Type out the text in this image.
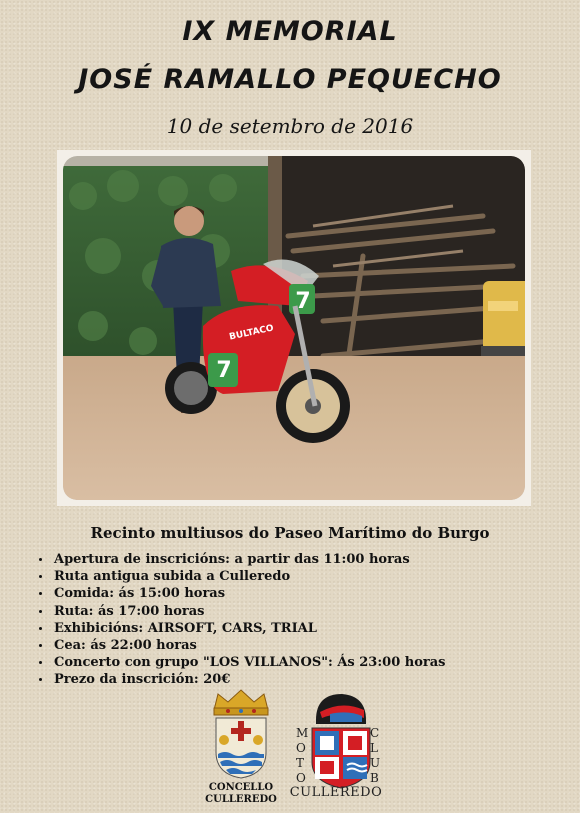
IX MEMORIAL
JOSÉ RAMALLO PEQUECHO
10 de setembro de 2016
7
7
BULTACO
Recinto multiusos do Paseo Marítimo do Burgo
Apertura de inscricións: a partir das 11:00 horas
Ruta antigua subida a Culleredo
Comida: ás 15:00 horas
Ruta: ás 17:00 horas
Exhibicións: AIRSOFT, CARS, TRIAL
Cea: ás 22:00 horas
Concerto con grupo "LOS VILLANOS": Ás 23:00 horas
Prezo da inscrición: 20€
CONCELLO
CULLEREDO
M
O
T
O
C
L
U
B
CULLEREDO
